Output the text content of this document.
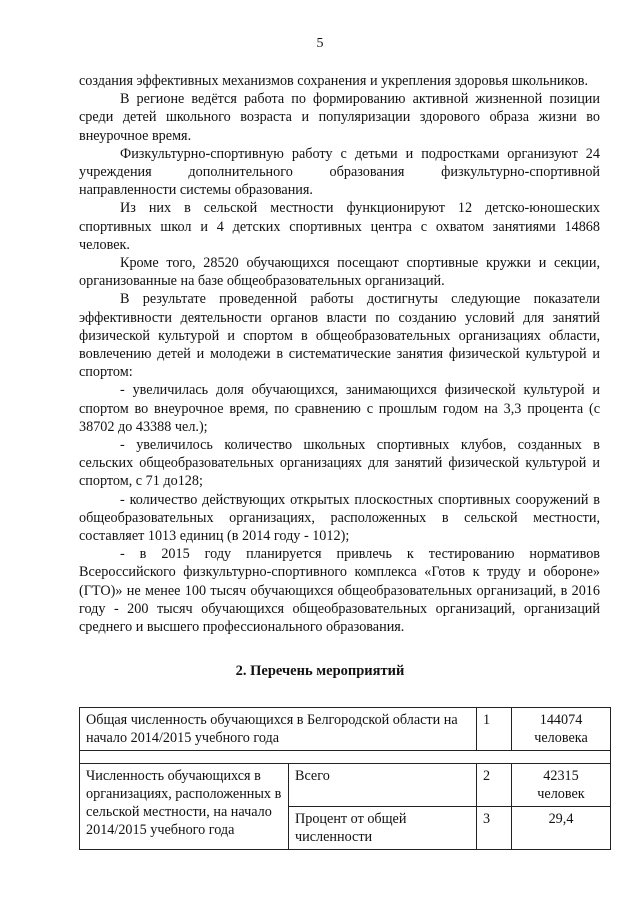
5

создания эффективных механизмов сохранения и укрепления здоровья школьников.

В регионе ведётся работа по формированию активной жизненной позиции среди детей школьного возраста и популяризации здорового образа жизни во внеурочное время.

Физкультурно-спортивную работу с детьми и подростками организуют 24 учреждения дополнительного образования физкультурно-спортивной направленности системы образования.

Из них в сельской местности функционируют 12 детско-юношеских спортивных школ и 4 детских спортивных центра с охватом занятиями 14868 человек.

Кроме того, 28520 обучающихся посещают спортивные кружки и секции, организованные на базе общеобразовательных организаций.

В результате проведенной работы достигнуты следующие показатели эффективности деятельности органов власти по созданию условий для занятий физической культурой и спортом в общеобразовательных организациях области, вовлечению детей и молодежи в систематические занятия физической культурой и спортом:

- увеличилась доля обучающихся, занимающихся физической культурой и спортом во внеурочное время, по сравнению с прошлым годом на 3,3 процента (с 38702 до 43388 чел.);

- увеличилось количество школьных спортивных клубов, созданных в сельских общеобразовательных организациях для занятий физической культурой и спортом, с 71 до128;

- количество действующих открытых плоскостных спортивных сооружений в общеобразовательных организациях, расположенных в сельской местности, составляет 1013 единиц (в 2014 году - 1012);

- в 2015 году планируется привлечь к тестированию нормативов Всероссийского физкультурно-спортивного комплекса «Готов к труду и обороне» (ГТО)» не менее 100 тысяч обучающихся общеобразовательных организаций, в 2016 году - 200 тысяч обучающихся общеобразовательных организаций, организаций среднего и высшего профессионального образования.

2. Перечень мероприятий
Общая численность обучающихся в Белгородской области на начало 2014/2015 учебного года		1	144074 человека

Численность обучающихся в организациях, расположенных в сельской местности, на начало 2014/2015 учебного года	Всего	2	42315 человек
	Процент от общей численности	3	29,4
